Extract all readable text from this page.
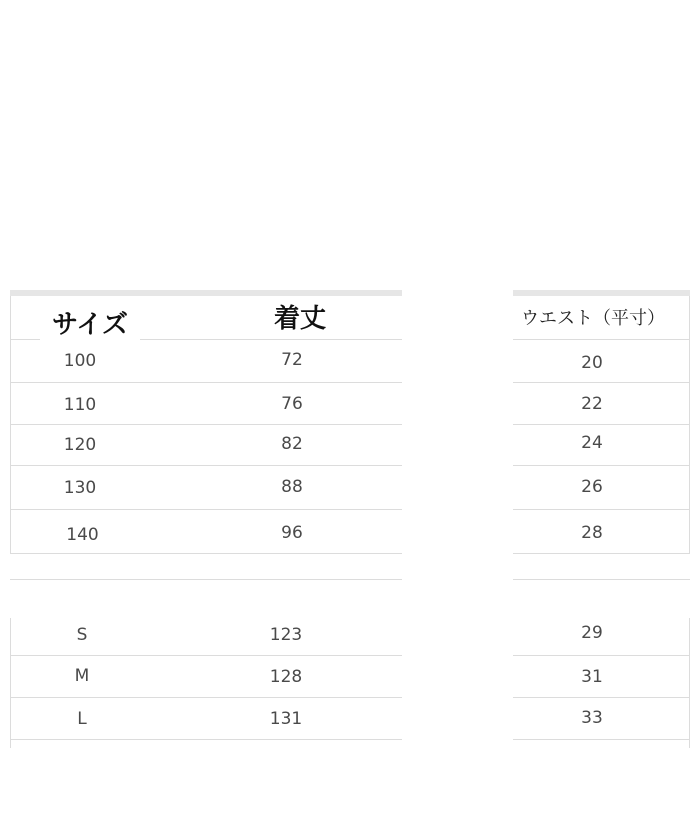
サイズ	着丈	ウエスト（平寸）
100
110
120
130
140
72
76
82
88
96
20
22
24
26
28
S
M
L
123
128
131
29
31
33
